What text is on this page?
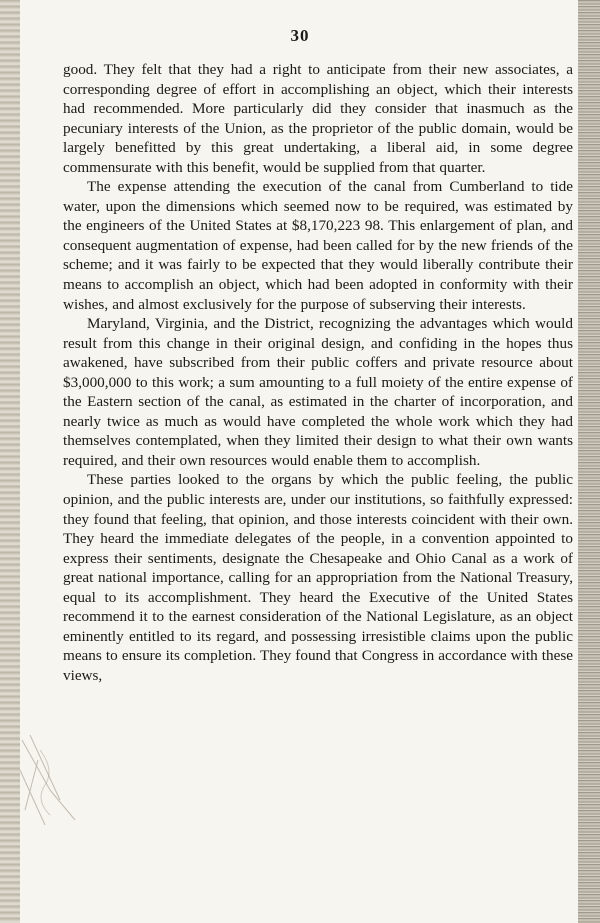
30

good. They felt that they had a right to anticipate from their new associates, a corresponding degree of effort in accomplishing an object, which their interests had recommended. More particularly did they consider that inasmuch as the pecuniary interests of the Union, as the proprietor of the public domain, would be largely benefitted by this great undertaking, a liberal aid, in some degree commensurate with this benefit, would be supplied from that quarter.

The expense attending the execution of the canal from Cumberland to tide water, upon the dimensions which seemed now to be required, was estimated by the engineers of the United States at $8,170,223 98. This enlargement of plan, and consequent augmentation of expense, had been called for by the new friends of the scheme; and it was fairly to be expected that they would liberally contribute their means to accomplish an object, which had been adopted in conformity with their wishes, and almost exclusively for the purpose of subserving their interests.

Maryland, Virginia, and the District, recognizing the advantages which would result from this change in their original design, and confiding in the hopes thus awakened, have subscribed from their public coffers and private resource about $3,000,000 to this work; a sum amounting to a full moiety of the entire expense of the Eastern section of the canal, as estimated in the charter of incorporation, and nearly twice as much as would have completed the whole work which they had themselves contemplated, when they limited their design to what their own wants required, and their own resources would enable them to accomplish.

These parties looked to the organs by which the public feeling, the public opinion, and the public interests are, under our institutions, so faithfully expressed: they found that feeling, that opinion, and those interests coincident with their own. They heard the immediate delegates of the people, in a convention appointed to express their sentiments, designate the Chesapeake and Ohio Canal as a work of great national importance, calling for an appropriation from the National Treasury, equal to its accomplishment. They heard the Executive of the United States recommend it to the earnest consideration of the National Legislature, as an object eminently entitled to its regard, and possessing irresistible claims upon the public means to ensure its completion. They found that Congress in accordance with these views,
